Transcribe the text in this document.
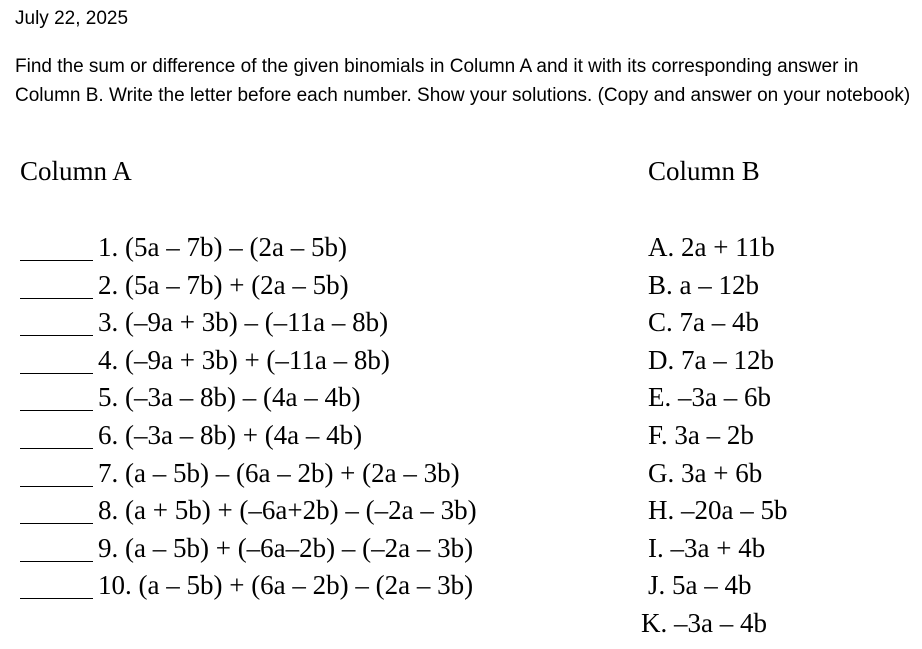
July 22, 2025
Find the sum or difference of the given binomials in Column A and it with its corresponding answer in Column B. Write the letter before each number. Show your solutions. (Copy and answer on your notebook)
Column A	Column B
1. (5a – 7b) – (2a – 5b)
2. (5a – 7b) + (2a – 5b)
3. (–9a + 3b) – (–11a – 8b)
4. (–9a + 3b) + (–11a – 8b)
5. (–3a – 8b) – (4a – 4b)
6. (–3a – 8b) + (4a – 4b)
7. (a – 5b) – (6a – 2b) + (2a – 3b)
8. (a + 5b) + (–6a+2b) – (–2a – 3b)
9. (a – 5b) + (–6a–2b) – (–2a – 3b)
10. (a – 5b) + (6a – 2b) – (2a – 3b)
A. 2a + 11b
B. a – 12b
C. 7a – 4b
D. 7a – 12b
E. –3a – 6b
F. 3a – 2b
G. 3a + 6b
H. –20a – 5b
I. –3a + 4b
J. 5a – 4b
K. –3a – 4b
